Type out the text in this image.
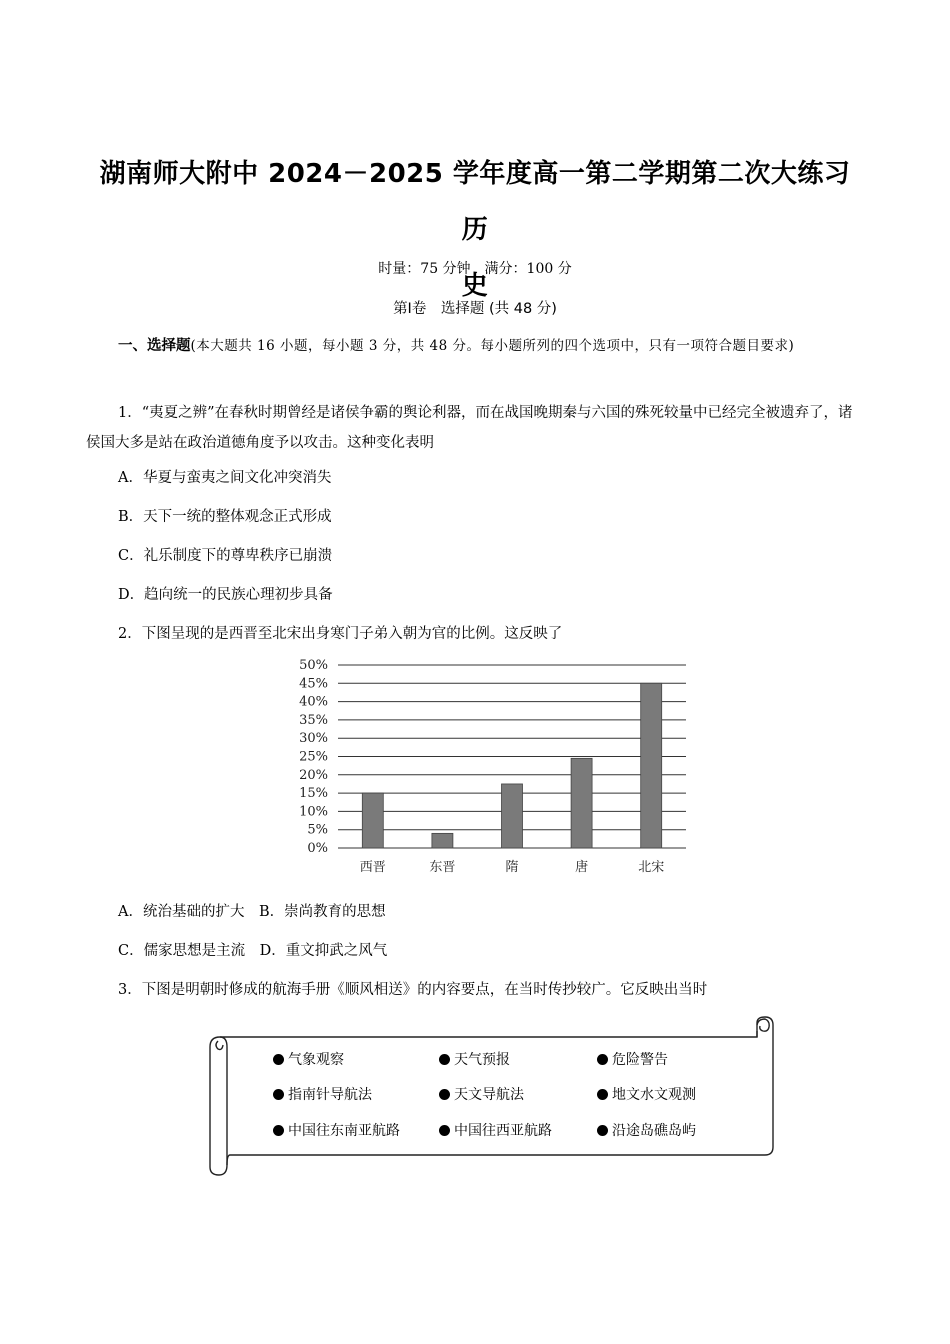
湖南师大附中 2024－2025 学年度高一第二学期第二次大练习历
史
时量：75 分钟　满分：100 分
第Ⅰ卷　选择题 (共 48 分)
一、选择题(本大题共 16 小题，每小题 3 分，共 48 分。每小题所列的四个选项中，只有一项符合题目要求)
1．“夷夏之辨”在春秋时期曾经是诸侯争霸的舆论利器，而在战国晚期秦与六国的殊死较量中已经完全被遗弃了，诸侯国大多是站在政治道德角度予以攻击。这种变化表明
A．华夏与蛮夷之间文化冲突消失
B．天下一统的整体观念正式形成
C．礼乐制度下的尊卑秩序已崩溃
D．趋向统一的民族心理初步具备
2．下图呈现的是西晋至北宋出身寒门子弟入朝为官的比例。这反映了
0%
5%
10%
15%
20%
25%
30%
35%
40%
45%
50%
西晋	东晋	隋	唐	北宋
A．统治基础的扩大　B．崇尚教育的思想
C．儒家思想是主流　D．重文抑武之风气
3．下图是明朝时修成的航海手册《顺风相送》的内容要点，在当时传抄较广。它反映出当时
气象观察	天气预报	危险警告
指南针导航法	天文导航法	地文水文观测
中国往东南亚航路	中国往西亚航路	沿途岛礁岛屿
